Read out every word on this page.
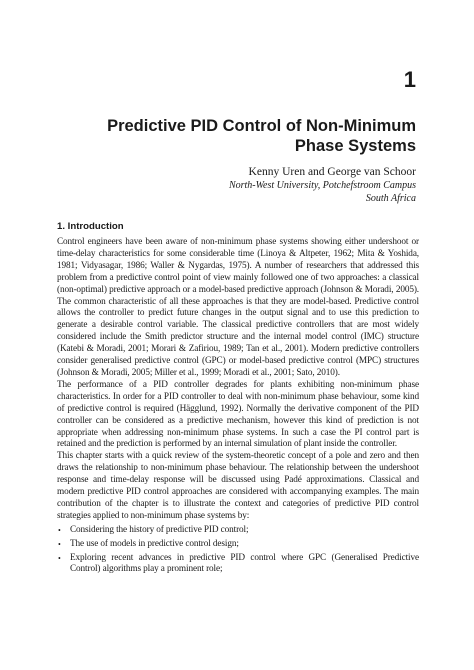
1
Predictive PID Control of Non-Minimum
Phase Systems
Kenny Uren and George van Schoor
North-West University, Potchefstroom Campus
South Africa
1. Introduction

Control engineers have been aware of non-minimum phase systems showing either undershoot or time-delay characteristics for some considerable time (Linoya & Altpeter, 1962; Mita & Yoshida, 1981; Vidyasagar, 1986; Waller & Nygardas, 1975). A number of researchers that addressed this problem from a predictive control point of view mainly followed one of two approaches: a classical (non-optimal) predictive approach or a model-based predictive approach (Johnson & Moradi, 2005). The common characteristic of all these approaches is that they are model-based. Predictive control allows the controller to predict future changes in the output signal and to use this prediction to generate a desirable control variable. The classical predictive controllers that are most widely considered include the Smith predictor structure and the internal model control (IMC) structure (Katebi & Moradi, 2001; Morari & Zafiriou, 1989; Tan et al., 2001). Modern predictive controllers consider generalised predictive control (GPC) or model-based predictive control (MPC) structures (Johnson & Moradi, 2005; Miller et al., 1999; Moradi et al., 2001; Sato, 2010).

The performance of a PID controller degrades for plants exhibiting non-minimum phase characteristics. In order for a PID controller to deal with non-minimum phase behaviour, some kind of predictive control is required (Hägglund, 1992). Normally the derivative component of the PID controller can be considered as a predictive mechanism, however this kind of prediction is not appropriate when addressing non-minimum phase systems. In such a case the PI control part is retained and the prediction is performed by an internal simulation of plant inside the controller.

This chapter starts with a quick review of the system-theoretic concept of a pole and zero and then draws the relationship to non-minimum phase behaviour. The relationship between the undershoot response and time-delay response will be discussed using Padé approximations. Classical and modern predictive PID control approaches are considered with accompanying examples. The main contribution of the chapter is to illustrate the context and categories of predictive PID control strategies applied to non-minimum phase systems by:

• Considering the history of predictive PID control;
• The use of models in predictive control design;
• Exploring recent advances in predictive PID control where GPC (Generalised Predictive Control) algorithms play a prominent role;
